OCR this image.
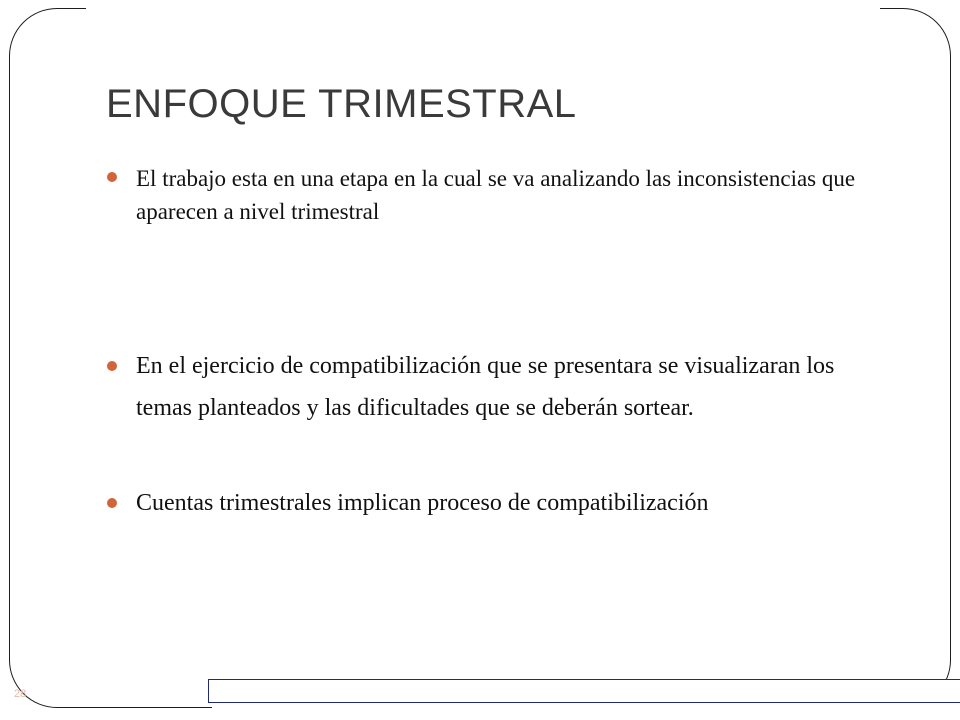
28
ENFOQUE TRIMESTRAL
El trabajo esta en una etapa en la cual se va analizando las inconsistencias que aparecen a nivel trimestral
En el ejercicio de compatibilización que se presentara se visualizaran los temas planteados y las dificultades que se deberán sortear.
Cuentas trimestrales implican proceso de compatibilización
